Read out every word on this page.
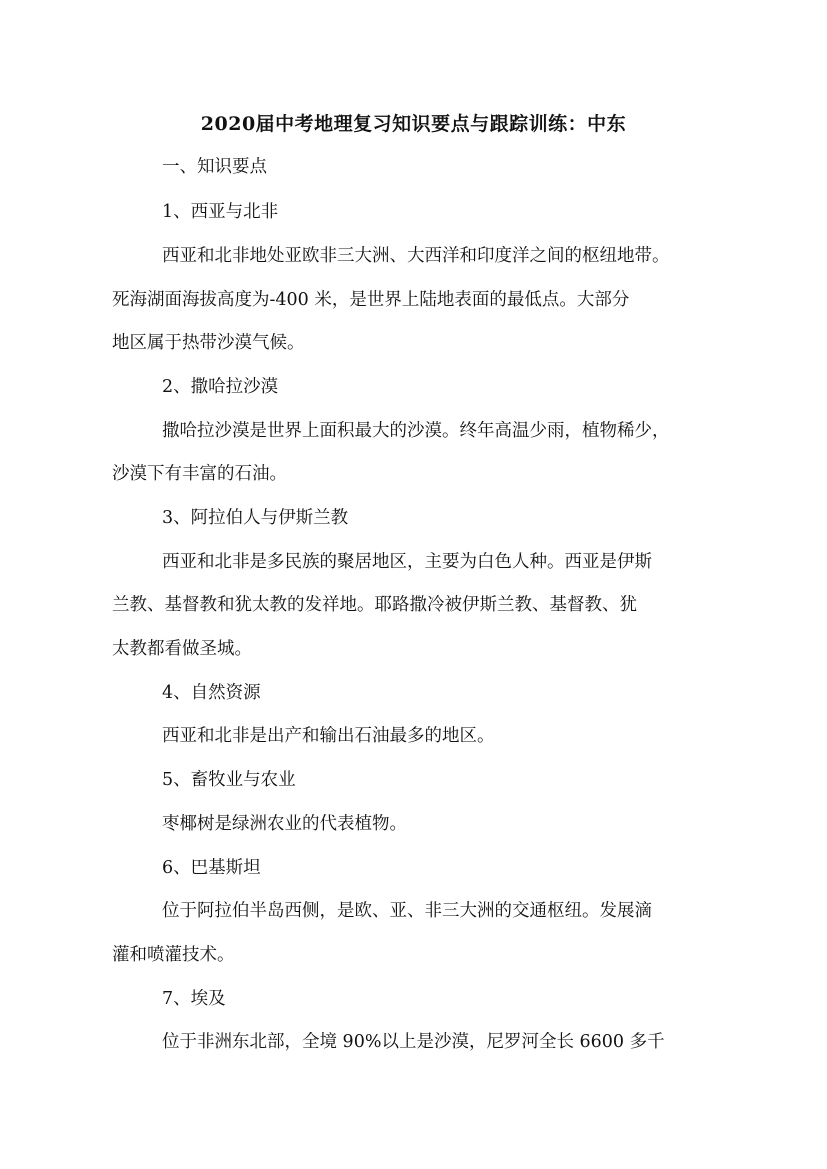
2020届中考地理复习知识要点与跟踪训练：中东
一、知识要点
1、西亚与北非
西亚和北非地处亚欧非三大洲、大西洋和印度洋之间的枢纽地带。
死海湖面海拔高度为-400 米，是世界上陆地表面的最低点。大部分
地区属于热带沙漠气候。
2、撒哈拉沙漠
撒哈拉沙漠是世界上面积最大的沙漠。终年高温少雨，植物稀少，
沙漠下有丰富的石油。
3、阿拉伯人与伊斯兰教
西亚和北非是多民族的聚居地区，主要为白色人种。西亚是伊斯
兰教、基督教和犹太教的发祥地。耶路撒冷被伊斯兰教、基督教、犹
太教都看做圣城。
4、自然资源
西亚和北非是出产和输出石油最多的地区。
5、畜牧业与农业
枣椰树是绿洲农业的代表植物。
6、巴基斯坦
位于阿拉伯半岛西侧，是欧、亚、非三大洲的交通枢纽。发展滴
灌和喷灌技术。
7、埃及
位于非洲东北部，全境 90%以上是沙漠，尼罗河全长 6600 多千
